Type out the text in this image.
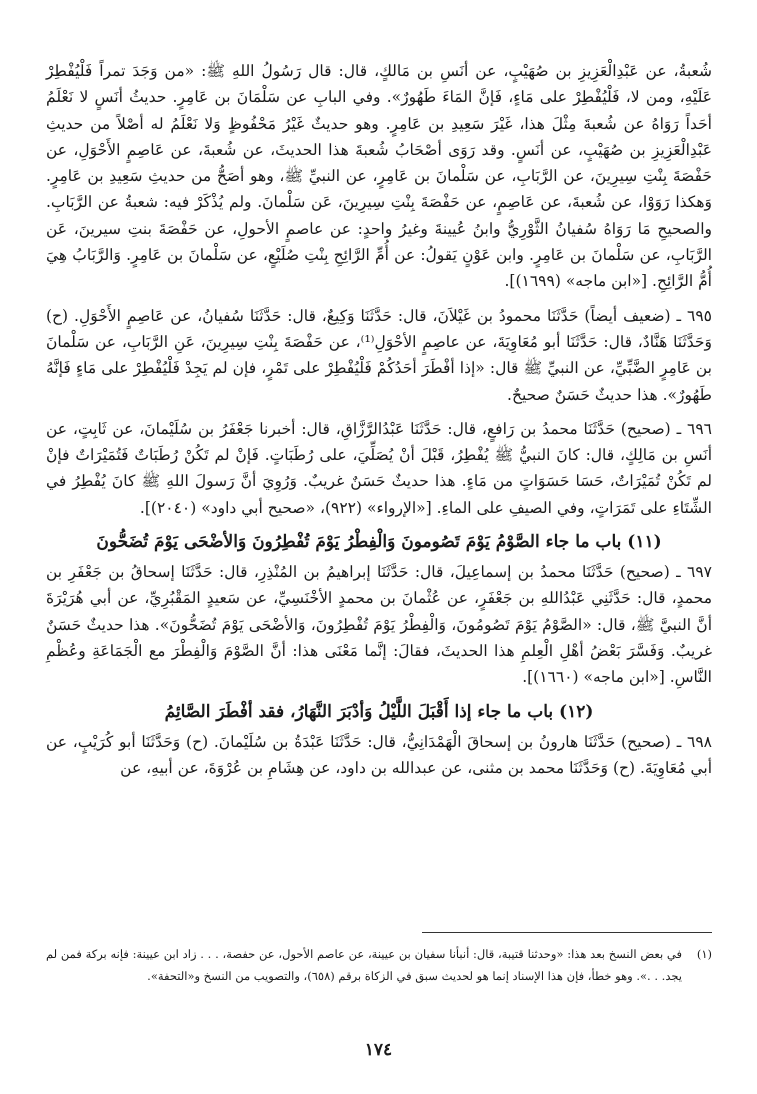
شُعبةُ، عن عَبْدِالْعَزِيزِ بن صُهَيْبٍ، عن أنَسِ بن مَالكٍ، قال: قال رَسُولُ اللهِ ﷺ: «من وَجَدَ تمراً فَلْيُفْطِرْ عَلَيْهِ، ومن لا، فَلْيُفْطِرْ على مَاءٍ، فَإنَّ المَاءَ طَهُورٌ». وفي البابِ عن سَلْمَانَ بن عَامِرٍ. حديثُ أنَسٍ لا نَعْلَمُ أحَداً رَوَاهُ عن شُعبةَ مِثْلَ هذا، غَيْرَ سَعِيدِ بن عَامِرٍ. وهو حديثٌ غَيْرُ مَحْفُوظٍ وَلا نَعْلَمُ له أصْلاً من حديثِ عَبْدِالْعَزِيزِ بن صُهَيْبٍ، عن أنَسٍ. وقد رَوَى أصْحَابُ شُعبةَ هذا الحديثَ، عن شُعبةَ، عن عَاصِمٍ الأَحْوَلِ، عن حَفْصَةَ بِنْتِ سِيرِينَ، عن الرَّبَابِ، عن سَلْمانَ بن عَامِرٍ، عن النبيِّ ﷺ، وهو أصَحُّ من حديثِ سَعِيدِ بن عَامِرٍ. وَهكذا رَوَوْا، عن شُعبةَ، عن عَاصِمٍ، عن حَفْصَةَ بِنْتِ سِيرِينَ، عَن سَلْمانَ. ولم يُذْكَرْ فيه: شعبةُ عن الرَّبَابِ. والصحيحِ مَا رَوَاهُ سُفيانُ الثَّوْرِيُّ وابنُ عُيينةَ وغيرُ واحدٍ: عن عاصمٍ الأحولِ، عن حَفْصَةَ بنتِ سيرينَ، عَن الرَّبَابِ، عن سَلْمانَ بن عَامِرٍ. وابن عَوْنٍ يَقولُ: عن أُمِّ الرَّائِحِ بِنْتِ صُلَيْعٍ، عن سَلْمانَ بن عَامِرٍ. وَالرَّبَابُ هِيَ أُمُّ الرَّائِحِ. [«ابن ماجه» (١٦٩٩)].

٦٩٥ ـ (ضعيف أيضاً) حَدَّثَنَا محمودُ بن غَيْلاَنَ، قال: حَدَّثَنَا وَكِيعٌ، قال: حَدَّثَنَا سُفيانُ، عن عَاصِمٍ الأَحْوَلِ. (ح) وَحَدَّثَنَا هَنَّادٌ، قال: حَدَّثَنَا أبو مُعَاوِيَةَ، عن عاصِمٍ الأحْوَلِ⁽¹⁾، عن حَفْصَةَ بِنْتِ سِيرِينَ، عَنِ الرَّبَابِ، عن سَلْمانَ بن عَامِرٍ الضَّبِّيِّ، عن النبيِّ ﷺ قال: «إذا أفْطَرَ أحَدُكُمْ فَلْيُفْطِرْ على تَمْرٍ، فإن لم يَجِدْ فَلْيُفْطِرْ على مَاءٍ فَإنَّهُ طَهُورٌ». هذا حديثٌ حَسَنٌ صحيحٌ.

٦٩٦ ـ (صحيح) حَدَّثَنَا محمدُ بن رَافعٍ، قال: حَدَّثَنَا عَبْدُالرَّزَّاقِ، قال: أخبرنا جَعْفَرُ بن سُلَيْمانَ، عن ثَابِتٍ، عن أنَسِ بن مَالِكٍ، قال: كانَ النبيُّ ﷺ يُفْطِرُ، قَبْلَ أنْ يُصَلِّيَ، على رُطَبَاتٍ. فَإنْ لم تَكُنْ رُطَبَاتٌ فَتُمَيْرَاتٌ فإنْ لم تَكُنْ تُمَيْرَاتٌ، حَسَا حَسَوَاتٍ من مَاءٍ. هذا حديثٌ حَسَنٌ غريبٌ. وَرُوِيَ أنَّ رَسولَ اللهِ ﷺ كانَ يُفْطِرُ في الشِّتَاءِ على تَمَرَاتٍ، وفي الصيفِ على الماءِ. [«الإرواء» (٩٢٢)، «صحيح أبي داود» (٢٠٤٠)].

(١١) باب ما جاء الصَّوْمُ يَوْمَ تَصُومونَ وَالْفِطْرُ يَوْمَ تُفْطِرُونَ وَالأضْحَى يَوْمَ تُضَحُّونَ

٦٩٧ ـ (صحيح) حَدَّثَنَا محمدُ بن إسماعِيلَ، قال: حَدَّثَنَا إبراهيمُ بن المُنْذِرِ، قال: حَدَّثَنَا إسحاقُ بن جَعْفَرِ بن محمدٍ، قال: حَدَّثَنِي عَبْدُاللهِ بن جَعْفَرٍ، عن عُثْمانَ بن محمدٍ الأخْنَسِيِّ، عن سَعيدٍ المَقْبُرِيِّ، عن أبي هُرَيْرَةَ أنَّ النبيَّ ﷺ، قال: «الصَّوْمُ يَوْمَ تَصُومُونَ، وَالْفِطْرُ يَوْمَ تُفْطِرُونَ، وَالأضْحَى يَوْمَ تُضَحُّونَ». هذا حديثٌ حَسَنٌ غريبٌ. وَفَسَّرَ بَعْضُ أهْلِ الْعِلمِ هذا الحديثَ، فقالَ: إنَّما مَعْنَى هذا: أنَّ الصَّوْمَ وَالْفِطْرَ مع الْجَمَاعَةِ وعُظْمِ النَّاسِ. [«ابن ماجه» (١٦٦٠)].

(١٢) باب ما جاء إذا أَقْبَلَ اللَّيْلُ وَأدْبَرَ النَّهَارُ، فقد أفْطَرَ الصَّائِمُ

٦٩٨ ـ (صحيح) حَدَّثَنَا هارونُ بن إسحاقَ الْهَمْدَانِيُّ، قال: حَدَّثَنَا عَبْدَةُ بن سُلَيْمانَ. (ح) وَحَدَّثَنَا أبو كُرَيْبٍ، عن أبي مُعَاوِيَةَ. (ح) وَحَدَّثَنَا محمد بن مثنى، عن عبدالله بن داود، عن هِشَامِ بن عُرْوَةَ، عن أبيهِ، عن

(١)
في بعض النسخ بعد هذا: «وحدثنا قتيبة، قال: أنبأنا سفيان بن عيينة، عن عاصم الأحول، عن حفصة، . . . زاد ابن عيينة: فإنه بركة فمن لم يجد. . .». وهو خطأ، فإن هذا الإسناد إنما هو لحديث سبق في الزكاة برقم (٦٥٨)، والتصويب من النسخ و«التحفة».
١٧٤
